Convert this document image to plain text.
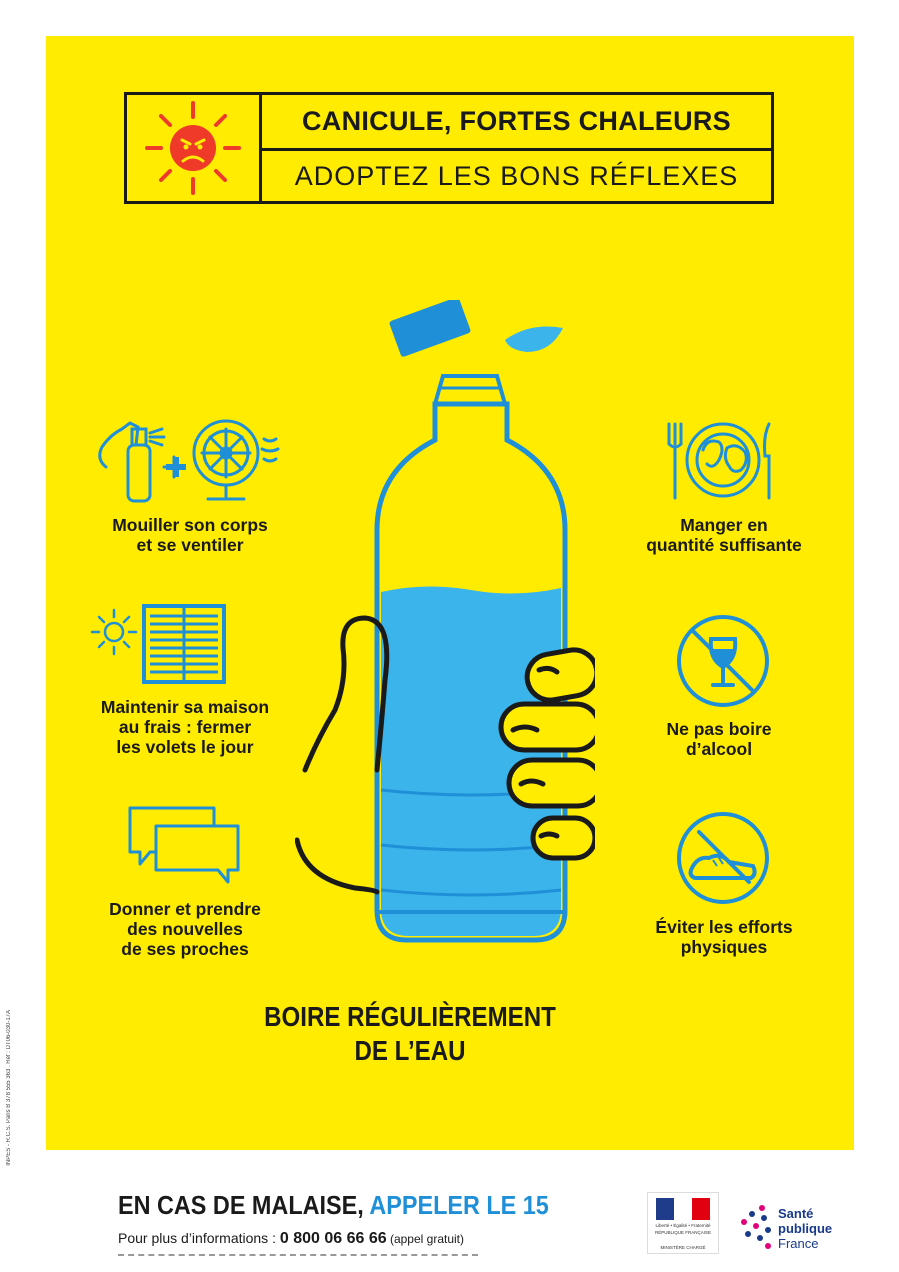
INPES - R.C.S. Paris B 378 555 363 . Réf : DT06-030-17A
CANICULE, FORTES CHALEURS
ADOPTEZ LES BONS RÉFLEXES
Mouiller son corps
et se ventiler
Maintenir sa maison
au frais : fermer
les volets le jour
Donner et prendre
des nouvelles
de ses proches
Manger en
quantité suffisante
Ne pas boire
d’alcool
Éviter les efforts
physiques
BOIRE RÉGULIÈREMENT
DE L’EAU
EN CAS DE MALAISE, APPELER LE 15
Pour plus d’informations : 0 800 06 66 66 (appel gratuit)
Liberté • Égalité • Fraternité
RÉPUBLIQUE FRANÇAISE
MINISTÈRE CHARGÉ
Santé
publique
France
